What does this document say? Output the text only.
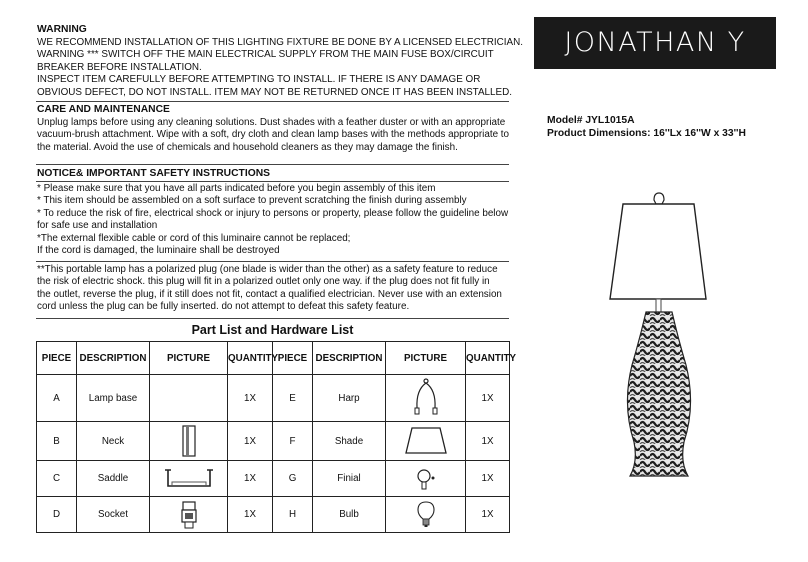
WARNING
WE RECOMMEND INSTALLATION OF THIS LIGHTING FIXTURE BE DONE BY A LICENSED ELECTRICIAN.
WARNING *** SWITCH OFF THE MAIN ELECTRICAL SUPPLY FROM THE MAIN FUSE BOX/CIRCUIT
BREAKER BEFORE INSTALLATION.
INSPECT ITEM CAREFULLY BEFORE ATTEMPTING TO INSTALL. IF THERE IS ANY DAMAGE OR
OBVIOUS DEFECT, DO NOT INSTALL. ITEM MAY NOT BE RETURNED ONCE IT HAS BEEN INSTALLED.
CARE AND MAINTENANCE
Unplug lamps before using any cleaning solutions. Dust shades with a feather duster or with an appropriate
vacuum-brush attachment. Wipe with a soft, dry cloth and clean lamp bases with the methods appropriate to
the material. Avoid the use of chemicals and household cleaners as they may damage the finish.
NOTICE& IMPORTANT SAFETY INSTRUCTIONS
* Please make sure that you have all parts indicated before you begin assembly of this item
* This item should be assembled on a soft surface to prevent scratching the finish during assembly
* To reduce the risk of fire, electrical shock or injury to persons or property, please follow the guideline below
for safe use and installation
*The external flexible cable or cord of this luminaire cannot be replaced;
If the cord is damaged, the luminaire shall be destroyed
**This portable lamp has a polarized plug (one blade is wider than the other) as a safety feature to reduce
the risk of electric shock. this plug will fit in a polarized outlet only one way. if the plug does not fit fully in
the outlet, reverse the plug, if it still does not fit, contact a qualified electrician. Never use with an extension
cord unless the plug can be fully inserted. do not attempt to defeat this safety feature.
JONATHAN Y
Model# JYL1015A
Product Dimensions: 16''Lx 16''W x 33''H
Part List and Hardware List
PIECE	DESCRIPTION	PICTURE	QUANTITY	PIECE	DESCRIPTION	PICTURE	QUANTITY
A	Lamp base		1X	E	Harp		1X
B	Neck		1X	F	Shade		1X
C	Saddle		1X	G	Finial		1X
D	Socket		1X	H	Bulb		1X
